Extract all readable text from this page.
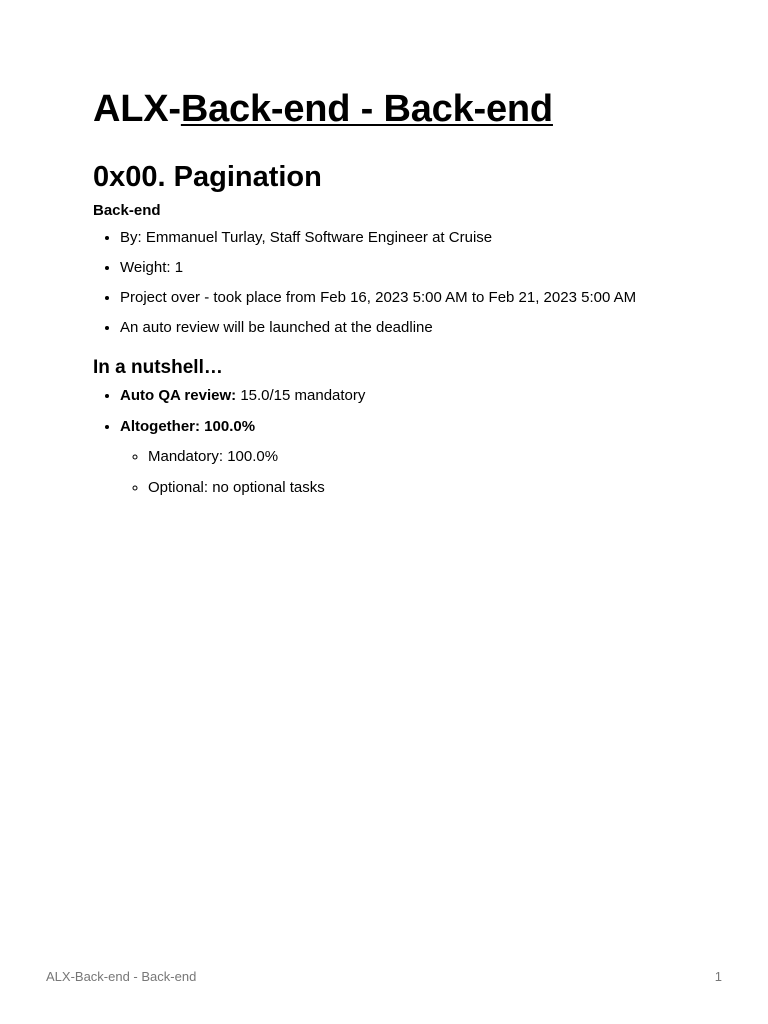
ALX-Back-end - Back-end
0x00. Pagination
Back-end
• By: Emmanuel Turlay, Staff Software Engineer at Cruise
• Weight: 1
• Project over - took place from Feb 16, 2023 5:00 AM to Feb 21, 2023 5:00 AM
• An auto review will be launched at the deadline
In a nutshell…
• Auto QA review: 15.0/15 mandatory
• Altogether: 100.0%
◦ Mandatory: 100.0%
◦ Optional: no optional tasks
ALX-Back-end - Back-end	1
